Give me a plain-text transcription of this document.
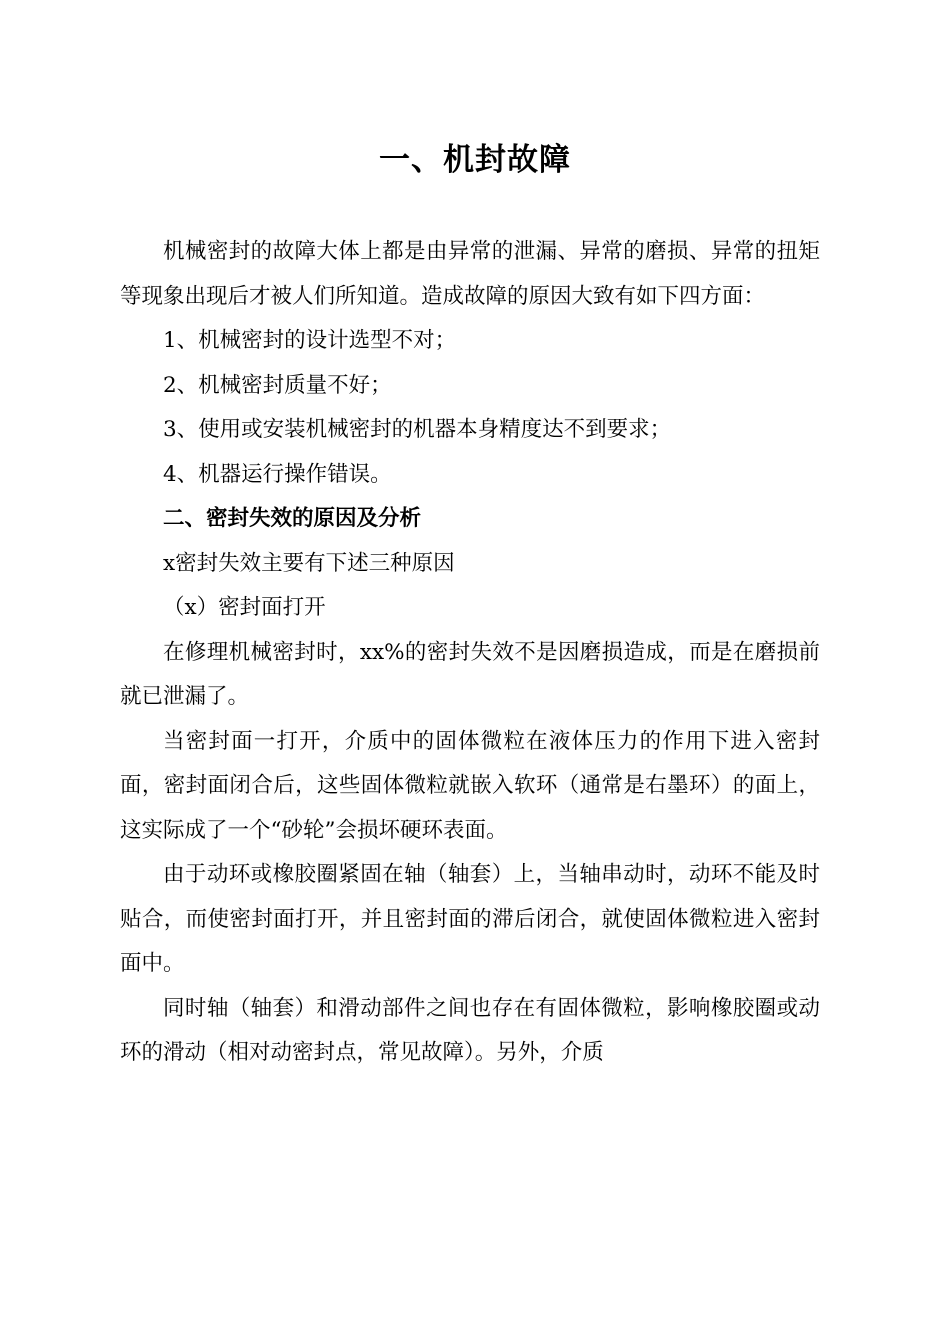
一、机封故障

机械密封的故障大体上都是由异常的泄漏、异常的磨损、异常的扭矩等现象出现后才被人们所知道。造成故障的原因大致有如下四方面：

1、机械密封的设计选型不对；

2、机械密封质量不好；

3、使用或安装机械密封的机器本身精度达不到要求；

4、机器运行操作错误。

二、密封失效的原因及分析

x密封失效主要有下述三种原因

（x）密封面打开

在修理机械密封时，xx%的密封失效不是因磨损造成，而是在磨损前就已泄漏了。

当密封面一打开，介质中的固体微粒在液体压力的作用下进入密封面，密封面闭合后，这些固体微粒就嵌入软环（通常是右墨环）的面上，这实际成了一个“砂轮”会损坏硬环表面。

由于动环或橡胶圈紧固在轴（轴套）上，当轴串动时，动环不能及时贴合，而使密封面打开，并且密封面的滞后闭合，就使固体微粒进入密封面中。

同时轴（轴套）和滑动部件之间也存在有固体微粒，影响橡胶圈或动环的滑动（相对动密封点，常见故障）。另外，介质
